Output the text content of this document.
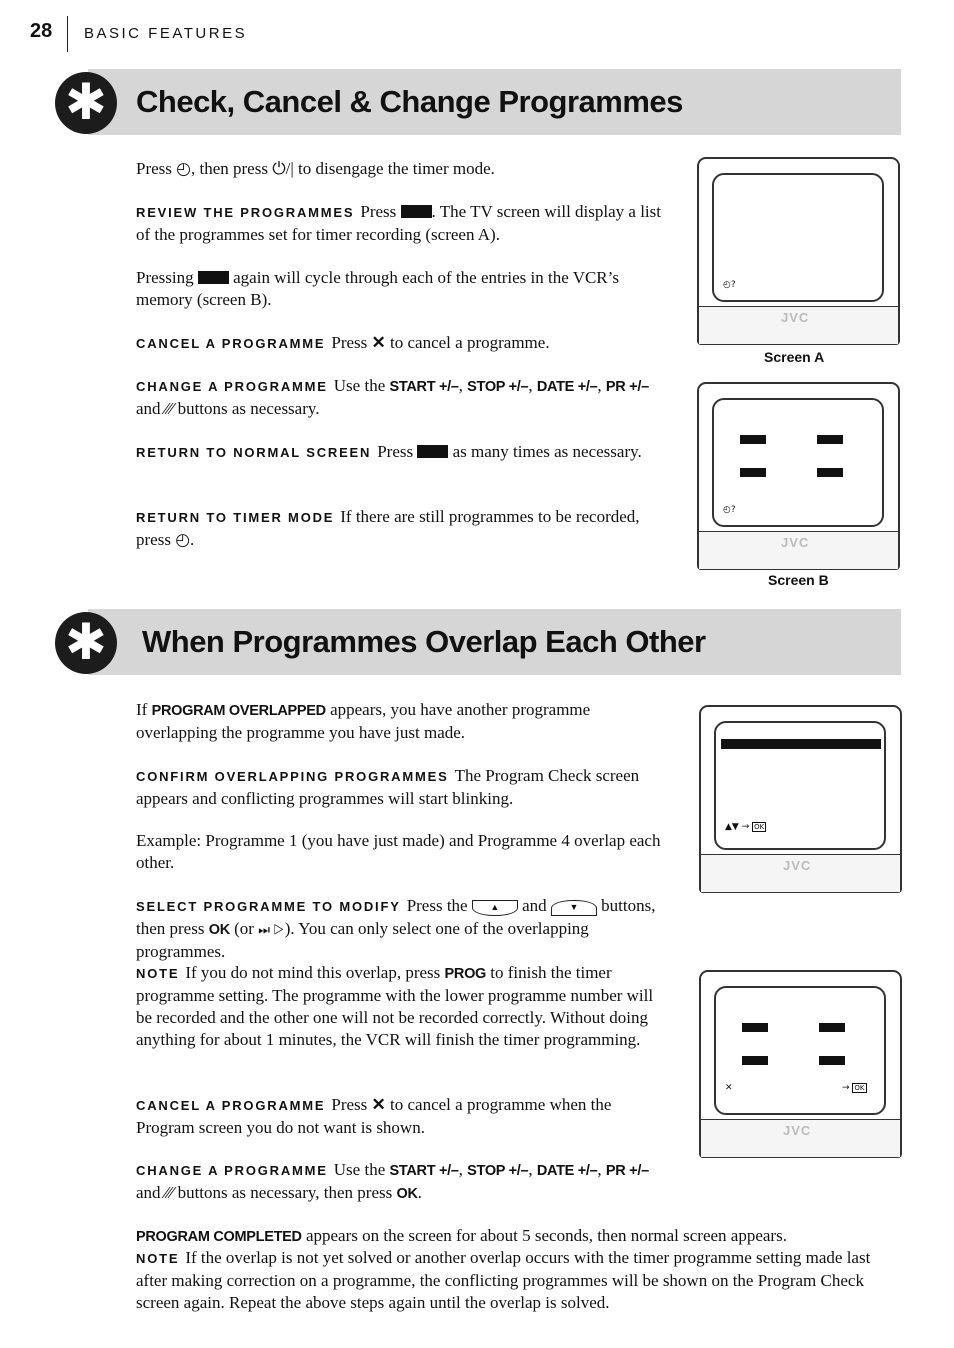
28 BASIC FEATURES
✱ Check, Cancel & Change Programmes
Press ◴, then press ⏻/| to disengage the timer mode.
REVIEW THE PROGRAMMES Press . The TV screen will display a list of the programmes set for timer recording (screen A).
Pressing  again will cycle through each of the entries in the VCR’s memory (screen B).
CANCEL A PROGRAMME Press ✕ to cancel a programme.
CHANGE A PROGRAMME Use the START +/–, STOP +/–, DATE +/–, PR +/– and ⁄⁄⁄ buttons as necessary.
RETURN TO NORMAL SCREEN Press  as many times as necessary.
RETURN TO TIMER MODE If there are still programmes to be recorded, press ◴.
◴?
JVC
Screen A
◴?
JVC
Screen B
✱	When Programmes Overlap Each Other
If PROGRAM OVERLAPPED appears, you have another programme overlapping the programme you have just made.
CONFIRM OVERLAPPING PROGRAMMES The Program Check screen appears and conflicting programmes will start blinking.
Example: Programme 1 (you have just made) and Programme 4 overlap each other.
SELECT PROGRAMME TO MODIFY Press the ▲ and ▼ buttons, then press OK (or ⏭ ▷). You can only select one of the overlapping programmes.
NOTE If you do not mind this overlap, press PROG to finish the timer programme setting. The programme with the lower programme number will be recorded and the other one will not be recorded correctly. Without doing anything for about 1 minutes, the VCR will finish the timer programming.
CANCEL A PROGRAMME Press ✕ to cancel a programme when the Program screen you do not want is shown.
CHANGE A PROGRAMME Use the START +/–, STOP +/–, DATE +/–, PR +/– and ⁄⁄⁄ buttons as necessary, then press OK.
PROGRAM COMPLETED appears on the screen for about 5 seconds, then normal screen appears.
NOTE If the overlap is not yet solved or another overlap occurs with the timer programme setting made last after making correction on a programme, the conflicting programmes will be shown on the Program Check screen again. Repeat the above steps again until the overlap is solved.
▲▼ → OK
JVC
✕	→ OK
JVC
